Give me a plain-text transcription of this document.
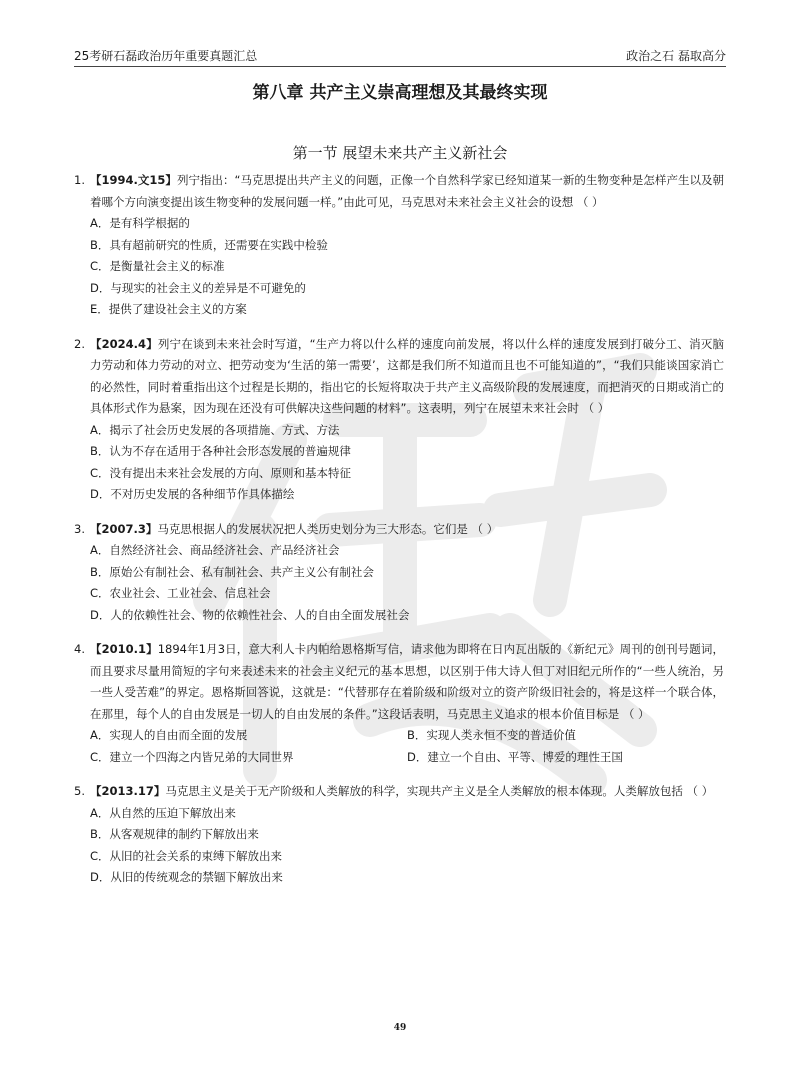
25考研石磊政治历年重要真题汇总	政治之石 磊取高分
第八章 共产主义崇高理想及其最终实现
第一节 展望未来共产主义新社会
1. 【1994.文15】列宁指出：“马克思提出共产主义的问题，正像一个自然科学家已经知道某一新的生物变种是怎样产生以及朝着哪个方向演变提出该生物变种的发展问题一样。”由此可见，马克思对未来社会主义社会的设想 （ ）
A．是有科学根据的
B．具有超前研究的性质，还需要在实践中检验
C．是衡量社会主义的标准
D．与现实的社会主义的差异是不可避免的
E．提供了建设社会主义的方案
2. 【2024.4】列宁在谈到未来社会时写道，“生产力将以什么样的速度向前发展，将以什么样的速度发展到打破分工、消灭脑力劳动和体力劳动的对立、把劳动变为‘生活的第一需要’，这都是我们所不知道而且也不可能知道的”，“我们只能谈国家消亡的必然性，同时着重指出这个过程是长期的，指出它的长短将取决于共产主义高级阶段的发展速度，而把消灭的日期或消亡的具体形式作为悬案，因为现在还没有可供解决这些问题的材料”。这表明，列宁在展望未来社会时 （ ）
A．揭示了社会历史发展的各项措施、方式、方法
B．认为不存在适用于各种社会形态发展的普遍规律
C．没有提出未来社会发展的方向、原则和基本特征
D．不对历史发展的各种细节作具体描绘
3. 【2007.3】马克思根据人的发展状况把人类历史划分为三大形态。它们是 （ ）
A．自然经济社会、商品经济社会、产品经济社会
B．原始公有制社会、私有制社会、共产主义公有制社会
C．农业社会、工业社会、信息社会
D．人的依赖性社会、物的依赖性社会、人的自由全面发展社会
4. 【2010.1】1894年1月3日，意大利人卡内帕给恩格斯写信，请求他为即将在日内瓦出版的《新纪元》周刊的创刊号题词，而且要求尽量用简短的字句来表述未来的社会主义纪元的基本思想，以区别于伟大诗人但丁对旧纪元所作的“一些人统治，另一些人受苦难”的界定。恩格斯回答说，这就是：“代替那存在着阶级和阶级对立的资产阶级旧社会的，将是这样一个联合体，在那里，每个人的自由发展是一切人的自由发展的条件。”这段话表明，马克思主义追求的根本价值目标是 （ ）
A．实现人的自由而全面的发展	B．实现人类永恒不变的普适价值
C．建立一个四海之内皆兄弟的大同世界	D．建立一个自由、平等、博爱的理性王国
5. 【2013.17】马克思主义是关于无产阶级和人类解放的科学，实现共产主义是全人类解放的根本体现。人类解放包括 （ ）
A．从自然的压迫下解放出来
B．从客观规律的制约下解放出来
C．从旧的社会关系的束缚下解放出来
D．从旧的传统观念的禁锢下解放出来
49
